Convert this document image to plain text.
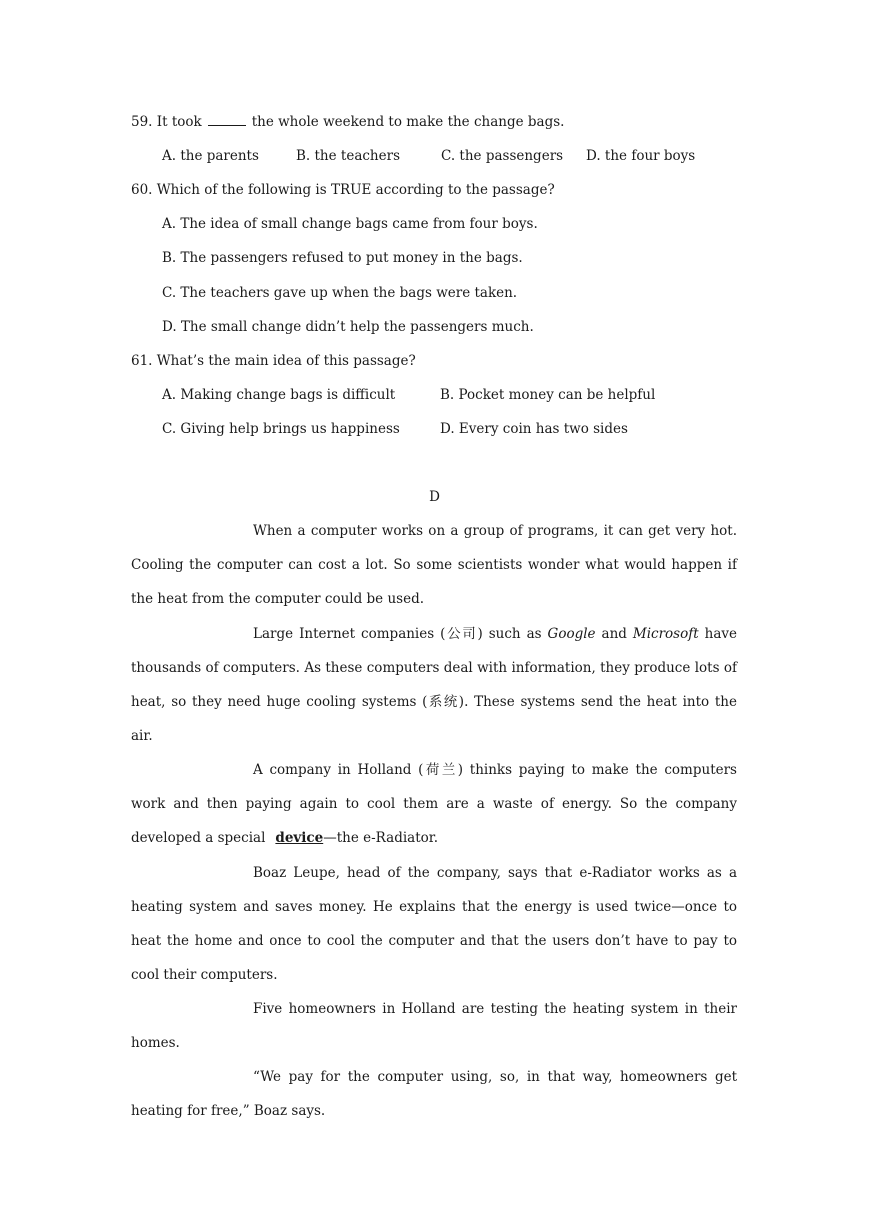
59. It took	the whole weekend to make the change bags.
A. the parents	B. the teachers	C. the passengers D. the four boys
60. Which of the following is TRUE according to the passage?
A. The idea of small change bags came from four boys.
B. The passengers refused to put money in the bags.
C. The teachers gave up when the bags were taken.
D. The small change didn’t help the passengers much.
61. What’s the main idea of this passage?
A. Making change bags is difficult	B. Pocket money can be helpful
C. Giving help brings us happiness	D. Every coin has two sides
D

When a computer works on a group of programs, it can get very hot. Cooling the computer can cost a lot. So some scientists wonder what would happen if the heat from the computer could be used.

Large Internet companies (公司) such as Google and Microsoft have thousands of computers. As these computers deal with information, they produce lots of heat, so they need huge cooling systems (系统). These systems send the heat into the air.

A company in Holland (荷兰) thinks paying to make the computers work and then paying again to cool them are a waste of energy. So the company developed a special device—the e-Radiator.

Boaz Leupe, head of the company, says that e-Radiator works as a heating system and saves money. He explains that the energy is used twice—once to heat the home and once to cool the computer and that the users don’t have to pay to cool their computers.

Five homeowners in Holland are testing the heating system in their homes.

“We pay for the computer using, so, in that way, homeowners get heating for free,” Boaz says.
